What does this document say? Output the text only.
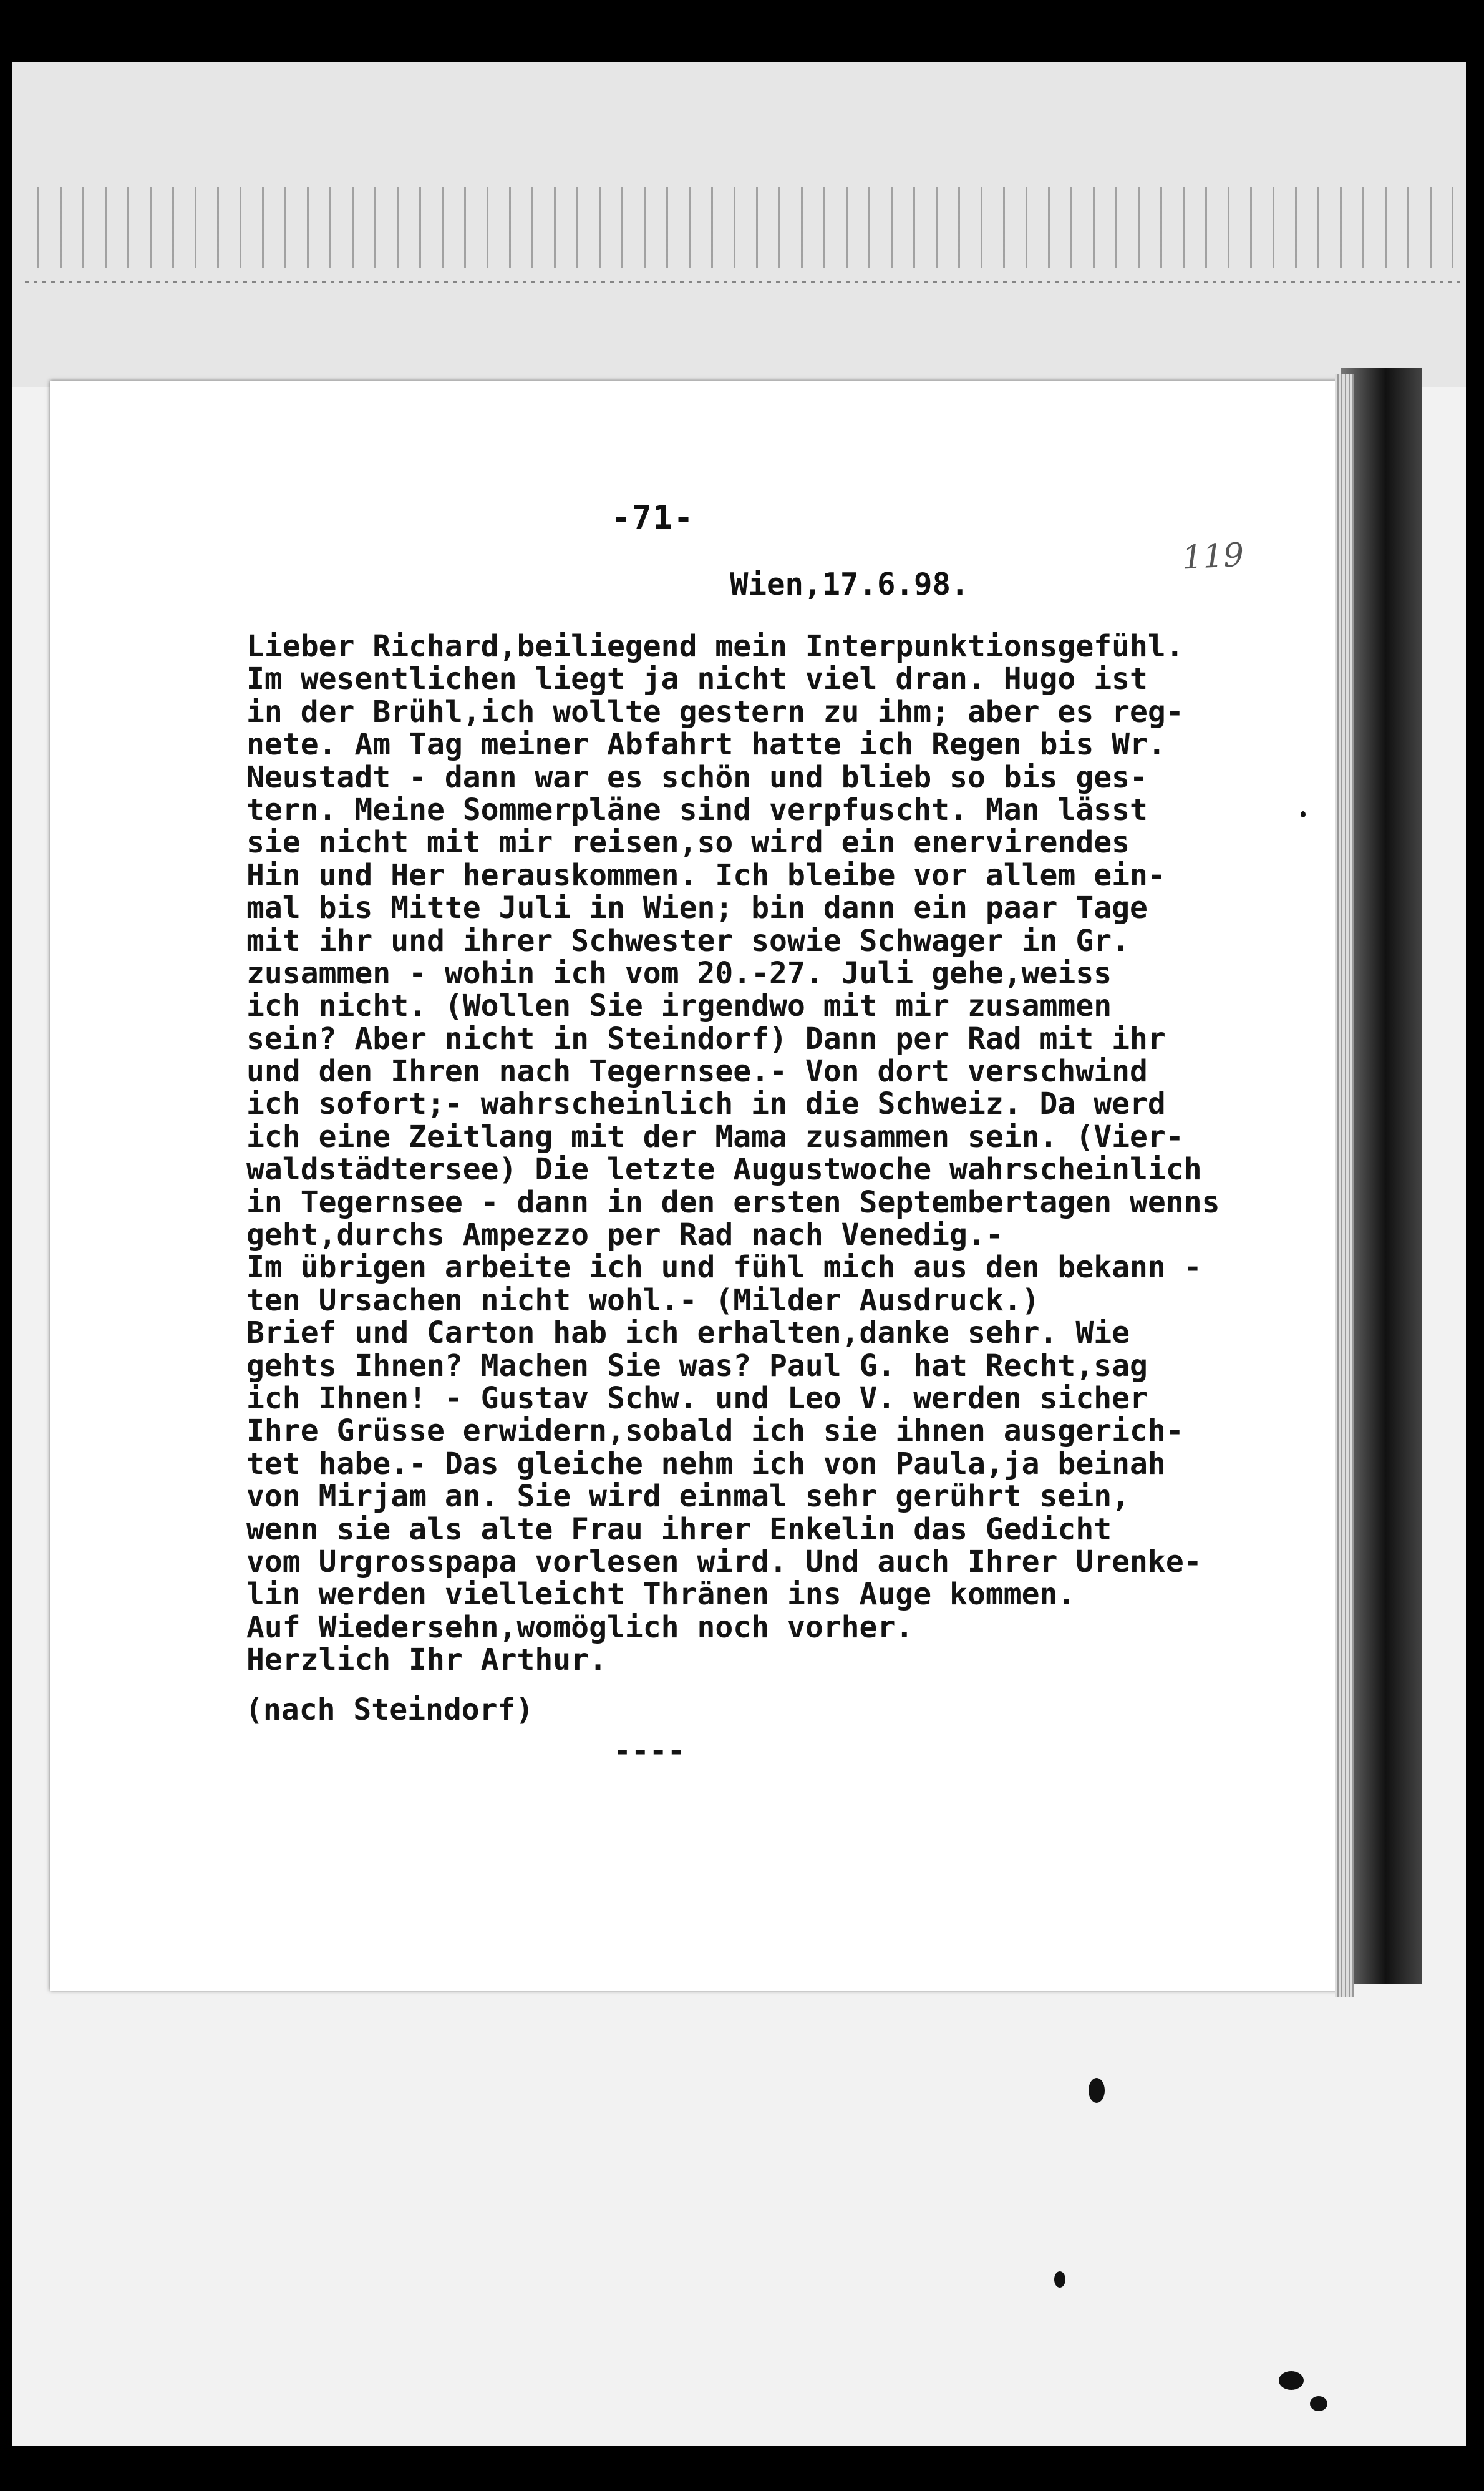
-71-
119
Wien,17.6.98.
Lieber Richard,beiliegend mein Interpunktionsgefühl.
Im wesentlichen liegt ja nicht viel dran. Hugo ist
in der Brühl,ich wollte gestern zu ihm; aber es reg-
nete. Am Tag meiner Abfahrt hatte ich Regen bis Wr.
Neustadt - dann war es schön und blieb so bis ges-
tern. Meine Sommerpläne sind verpfuscht. Man lässt
sie nicht mit mir reisen,so wird ein enervirendes
Hin und Her herauskommen. Ich bleibe vor allem ein-
mal bis Mitte Juli in Wien; bin dann ein paar Tage
mit ihr und ihrer Schwester sowie Schwager in Gr.
zusammen - wohin ich vom 20.-27. Juli gehe,weiss
ich nicht. (Wollen Sie irgendwo mit mir zusammen
sein? Aber nicht in Steindorf) Dann per Rad mit ihr
und den Ihren nach Tegernsee.- Von dort verschwind
ich sofort;- wahrscheinlich in die Schweiz. Da werd
ich eine Zeitlang mit der Mama zusammen sein. (Vier-
waldstädtersee) Die letzte Augustwoche wahrscheinlich
in Tegernsee - dann in den ersten Septembertagen wenns
geht,durchs Ampezzo per Rad nach Venedig.-
Im übrigen arbeite ich und fühl mich aus den bekann -
ten Ursachen nicht wohl.- (Milder Ausdruck.)
Brief und Carton hab ich erhalten,danke sehr. Wie
gehts Ihnen? Machen Sie was? Paul G. hat Recht,sag
ich Ihnen! - Gustav Schw. und Leo V. werden sicher
Ihre Grüsse erwidern,sobald ich sie ihnen ausgerich-
tet habe.- Das gleiche nehm ich von Paula,ja beinah
von Mirjam an. Sie wird einmal sehr gerührt sein,
wenn sie als alte Frau ihrer Enkelin das Gedicht
vom Urgrosspapa vorlesen wird. Und auch Ihrer Urenke-
lin werden vielleicht Thränen ins Auge kommen.
Auf Wiedersehn,womöglich noch vorher.
Herzlich Ihr Arthur.
(nach Steindorf)
----
